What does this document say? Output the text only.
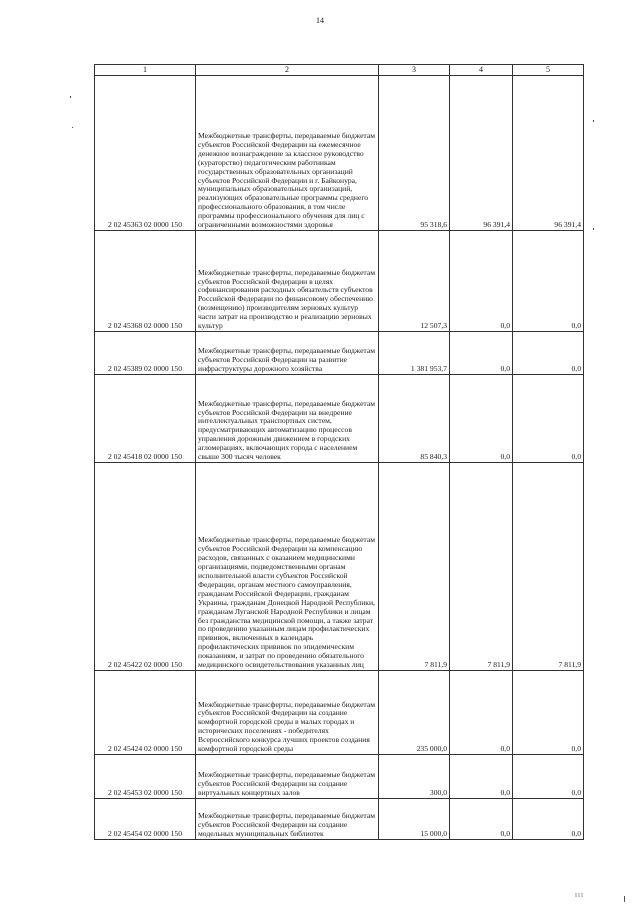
14
1	2	3	4	5
2 02 45363 02 0000 150	Межбюджетные трансферты, передаваемые бюджетам субъектов Российской Федерации на ежемесячное денежное вознаграждение за классное руководство (кураторство) педагогическим работникам государственных образовательных организаций субъектов Российской Федерации и г. Байконура, муниципальных образовательных организаций, реализующих образовательные программы среднего профессионального образования, в том числе программы профессионального обучения для лиц с ограниченными возможностями здоровья	95 318,6	96 391,4	96 391,4
2 02 45368 02 0000 150	Межбюджетные трансферты, передаваемые бюджетам субъектов Российской Федерации в целях софинансирования расходных обязательств субъектов Российской Федерации по финансовому обеспечению (возмещению) производителям зерновых культур части затрат на производство и реализацию зерновых культур	12 507,3	0,0	0,0
2 02 45389 02 0000 150	Межбюджетные трансферты, передаваемые бюджетам субъектов Российской Федерации на развитие инфраструктуры дорожного хозяйства	1 381 953,7	0,0	0,0
2 02 45418 02 0000 150	Межбюджетные трансферты, передаваемые бюджетам субъектов Российской Федерации на внедрение интеллектуальных транспортных систем, предусматривающих автоматизацию процессов управления дорожным движением в городских агломерациях, включающих города с населением свыше 300 тысяч человек	85 840,3	0,0	0,0
2 02 45422 02 0000 150	Межбюджетные трансферты, передаваемые бюджетам субъектов Российской Федерации на компенсацию расходов, связанных с оказанием медицинскими организациями, подведомственными органам исполнительной власти субъектов Российской Федерации, органам местного самоуправления, гражданам Российской Федерации, гражданам Украины, гражданам Донецкой Народной Республики, гражданам Луганской Народной Республики и лицам без гражданства медицинской помощи, а также затрат по проведению указанным лицам профилактических прививок, включенных в календарь профилактических прививок по эпидемическим показаниям, и затрат по проведению обязательного медицинского освидетельствования указанных лиц	7 811,9	7 811,9	7 811,9
2 02 45424 02 0000 150	Межбюджетные трансферты, передаваемые бюджетам субъектов Российской Федерации на создание комфортной городской среды в малых городах и исторических поселениях - победителях Всероссийского конкурса лучших проектов создания комфортной городской среды	235 000,0	0,0	0,0
2 02 45453 02 0000 150	Межбюджетные трансферты, передаваемые бюджетам субъектов Российской Федерации на создание виртуальных концертных залов	300,0	0,0	0,0
2 02 45454 02 0000 150	Межбюджетные трансферты, передаваемые бюджетам субъектов Российской Федерации на создание модельных муниципальных библиотек	15 000,0	0,0	0,0
III
